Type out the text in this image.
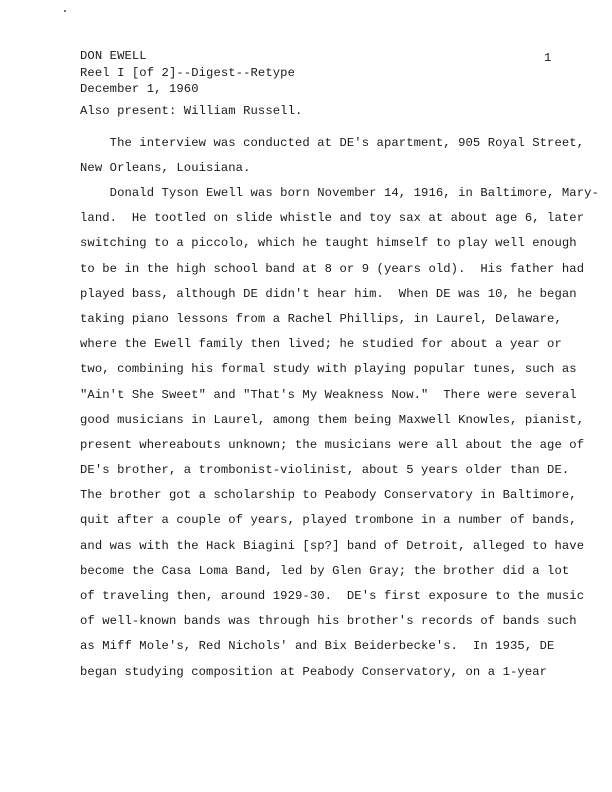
DON EWELL
Reel I [of 2]--Digest--Retype
December 1, 1960
1
Also present: William Russell.
The interview was conducted at DE's apartment, 905 Royal Street,
New Orleans, Louisiana.
Donald Tyson Ewell was born November 14, 1916, in Baltimore, Mary-
land.  He tootled on slide whistle and toy sax at about age 6, later
switching to a piccolo, which he taught himself to play well enough
to be in the high school band at 8 or 9 (years old).  His father had
played bass, although DE didn't hear him.  When DE was 10, he began
taking piano lessons from a Rachel Phillips, in Laurel, Delaware,
where the Ewell family then lived; he studied for about a year or
two, combining his formal study with playing popular tunes, such as
"Ain't She Sweet" and "That's My Weakness Now."  There were several
good musicians in Laurel, among them being Maxwell Knowles, pianist,
present whereabouts unknown; the musicians were all about the age of
DE's brother, a trombonist-violinist, about 5 years older than DE.
The brother got a scholarship to Peabody Conservatory in Baltimore,
quit after a couple of years, played trombone in a number of bands,
and was with the Hack Biagini [sp?] band of Detroit, alleged to have
become the Casa Loma Band, led by Glen Gray; the brother did a lot
of traveling then, around 1929-30.  DE's first exposure to the music
of well-known bands was through his brother's records of bands such
as Miff Mole's, Red Nichols' and Bix Beiderbecke's.  In 1935, DE
began studying composition at Peabody Conservatory, on a 1-year
